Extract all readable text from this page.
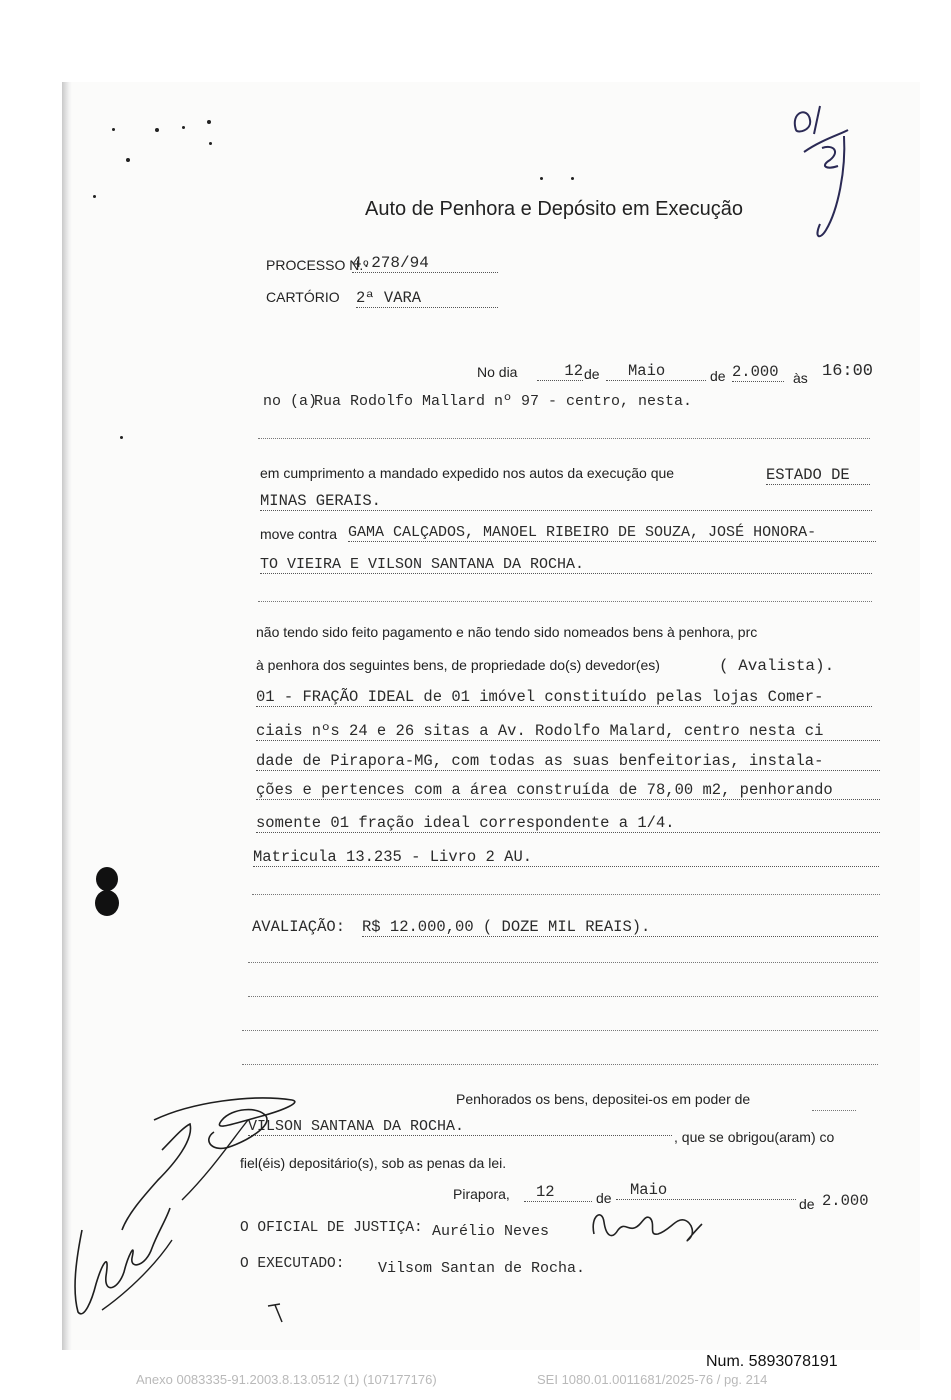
Auto de Penhora e Depósito em Execução
81
PROCESSO N.º
4.278/94
CARTÓRIO 2ª VARA
No dia	12 de	Maio	de 2.000	às 16:00
no (a)
Rua Rodolfo Mallard nº 97 - centro, nesta.
em cumprimento a mandado expedido nos autos da execução que	ESTADO DE
MINAS GERAIS.
move contra GAMA CALÇADOS, MANOEL RIBEIRO DE SOUZA, JOSÉ HONORA-
TO VIEIRA E VILSON SANTANA DA ROCHA.
não tendo sido feito pagamento e não tendo sido nomeados bens à penhora, prc
à penhora dos seguintes bens, de propriedade do(s) devedor(es)	( Avalista).
01 - FRAÇÃO IDEAL de 01 imóvel constituído pelas lojas Comer-
ciais nºs 24 e 26 sitas a Av. Rodolfo Malard, centro nesta ci
dade de Pirapora-MG, com todas as suas benfeitorias, instala-
ções e pertences com a área construída de 78,00 m2, penhorando
somente 01 fração ideal correspondente a 1/4.
Matricula 13.235 - Livro 2 AU.
AVALIAÇÃO: R$ 12.000,00 ( DOZE MIL REAIS).
Penhorados os bens, depositei-os em poder de
VILSON SANTANA DA ROCHA.
, que se obrigou(aram) co
fiel(éis) depositário(s), sob as penas da lei.
Pirapora,	12	de	Maio
de 2.000
O OFICIAL DE JUSTIÇA: Aurélio Neves
O EXECUTADO: Vilsom Santan de Rocha.
Num. 5893078191
Anexo 0083335-91.2003.8.13.0512 (1) (107177176)	SEI 1080.01.0011681/2025-76 / pg. 214
